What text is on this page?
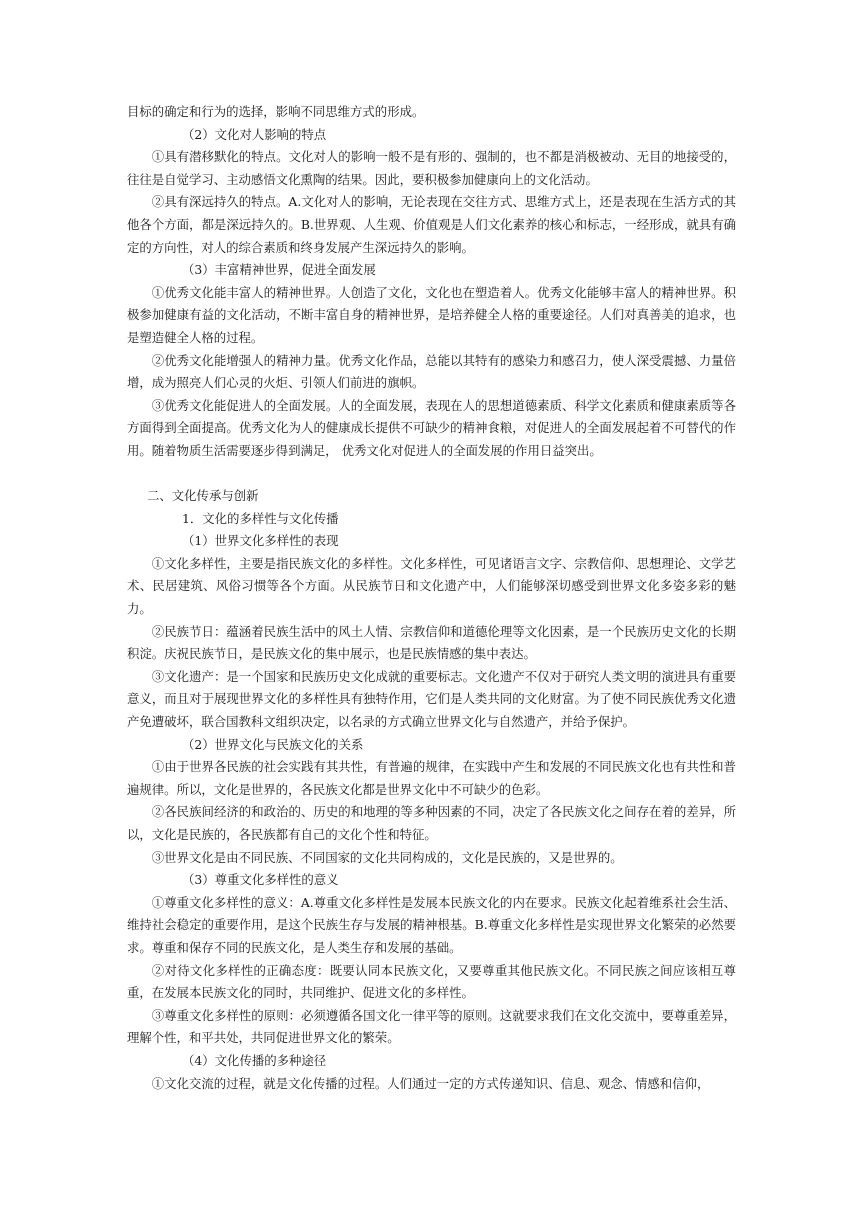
目标的确定和行为的选择，影响不同思维方式的形成。

（2）文化对人影响的特点

①具有潜移默化的特点。文化对人的影响一般不是有形的、强制的，也不都是消极被动、无目的地接受的，往往是自觉学习、主动感悟文化熏陶的结果。因此，要积极参加健康向上的文化活动。

②具有深远持久的特点。A.文化对人的影响，无论表现在交往方式、思维方式上，还是表现在生活方式的其他各个方面，都是深远持久的。B.世界观、人生观、价值观是人们文化素养的核心和标志，一经形成，就具有确定的方向性，对人的综合素质和终身发展产生深远持久的影响。

（3）丰富精神世界，促进全面发展

①优秀文化能丰富人的精神世界。人创造了文化，文化也在塑造着人。优秀文化能够丰富人的精神世界。积极参加健康有益的文化活动，不断丰富自身的精神世界，是培养健全人格的重要途径。人们对真善美的追求，也是塑造健全人格的过程。

②优秀文化能增强人的精神力量。优秀文化作品，总能以其特有的感染力和感召力，使人深受震撼、力量倍增，成为照亮人们心灵的火炬、引领人们前进的旗帜。

③优秀文化能促进人的全面发展。人的全面发展，表现在人的思想道德素质、科学文化素质和健康素质等各方面得到全面提高。优秀文化为人的健康成长提供不可缺少的精神食粮，对促进人的全面发展起着不可替代的作用。随着物质生活需要逐步得到满足， 优秀文化对促进人的全面发展的作用日益突出。

二、文化传承与创新

1．文化的多样性与文化传播

（1）世界文化多样性的表现

①文化多样性，主要是指民族文化的多样性。文化多样性，可见诸语言文字、宗教信仰、思想理论、文学艺术、民居建筑、风俗习惯等各个方面。从民族节日和文化遗产中，人们能够深切感受到世界文化多姿多彩的魅力。

②民族节日：蕴涵着民族生活中的风土人情、宗教信仰和道德伦理等文化因素，是一个民族历史文化的长期积淀。庆祝民族节日，是民族文化的集中展示，也是民族情感的集中表达。

③文化遗产：是一个国家和民族历史文化成就的重要标志。文化遗产不仅对于研究人类文明的演进具有重要意义，而且对于展现世界文化的多样性具有独特作用，它们是人类共同的文化财富。为了使不同民族优秀文化遗产免遭破坏，联合国教科文组织决定，以名录的方式确立世界文化与自然遗产，并给予保护。

（2）世界文化与民族文化的关系

①由于世界各民族的社会实践有其共性，有普遍的规律，在实践中产生和发展的不同民族文化也有共性和普遍规律。所以，文化是世界的，各民族文化都是世界文化中不可缺少的色彩。

②各民族间经济的和政治的、历史的和地理的等多种因素的不同，决定了各民族文化之间存在着的差异，所以，文化是民族的，各民族都有自己的文化个性和特征。

③世界文化是由不同民族、不同国家的文化共同构成的，文化是民族的，又是世界的。

（3）尊重文化多样性的意义

①尊重文化多样性的意义：A.尊重文化多样性是发展本民族文化的内在要求。民族文化起着维系社会生活、维持社会稳定的重要作用，是这个民族生存与发展的精神根基。B.尊重文化多样性是实现世界文化繁荣的必然要求。尊重和保存不同的民族文化，是人类生存和发展的基础。

②对待文化多样性的正确态度：既要认同本民族文化，又要尊重其他民族文化。不同民族之间应该相互尊重，在发展本民族文化的同时，共同维护、促进文化的多样性。

③尊重文化多样性的原则：必须遵循各国文化一律平等的原则。这就要求我们在文化交流中，要尊重差异，理解个性，和平共处，共同促进世界文化的繁荣。

（4）文化传播的多种途径

①文化交流的过程，就是文化传播的过程。人们通过一定的方式传递知识、信息、观念、情感和信仰，
